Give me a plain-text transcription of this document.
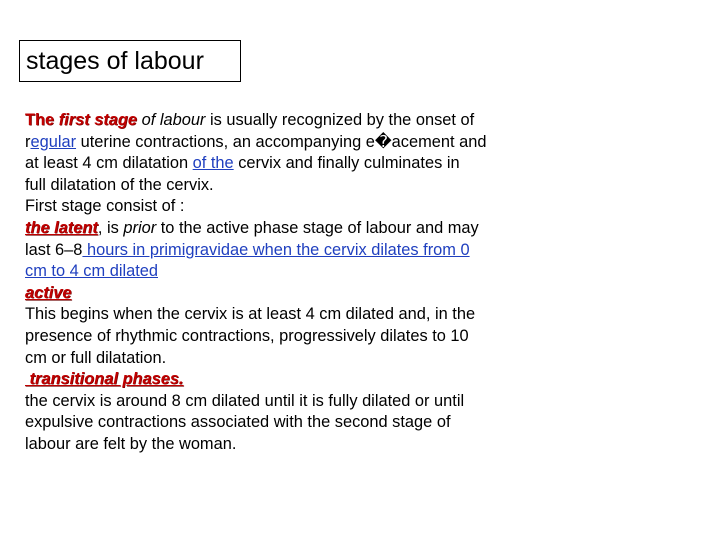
stages of labour
The first stage of labour is usually recognized by the onset of
regular uterine contractions, an accompanying e�acement and
at least 4 cm dilatation of the cervix and finally culminates in
full dilatation of the cervix.
First stage consist of :
the latent, is prior to the active phase stage of labour and may
last 6–8 hours in primigravidae when the cervix dilates from 0
cm to 4 cm dilated
active
This begins when the cervix is at least 4 cm dilated and, in the
presence of rhythmic contractions, progressively dilates to 10
cm or full dilatation.
transitional phases.
the cervix is around 8 cm dilated until it is fully dilated or until
expulsive contractions associated with the second stage of
labour are felt by the woman.
